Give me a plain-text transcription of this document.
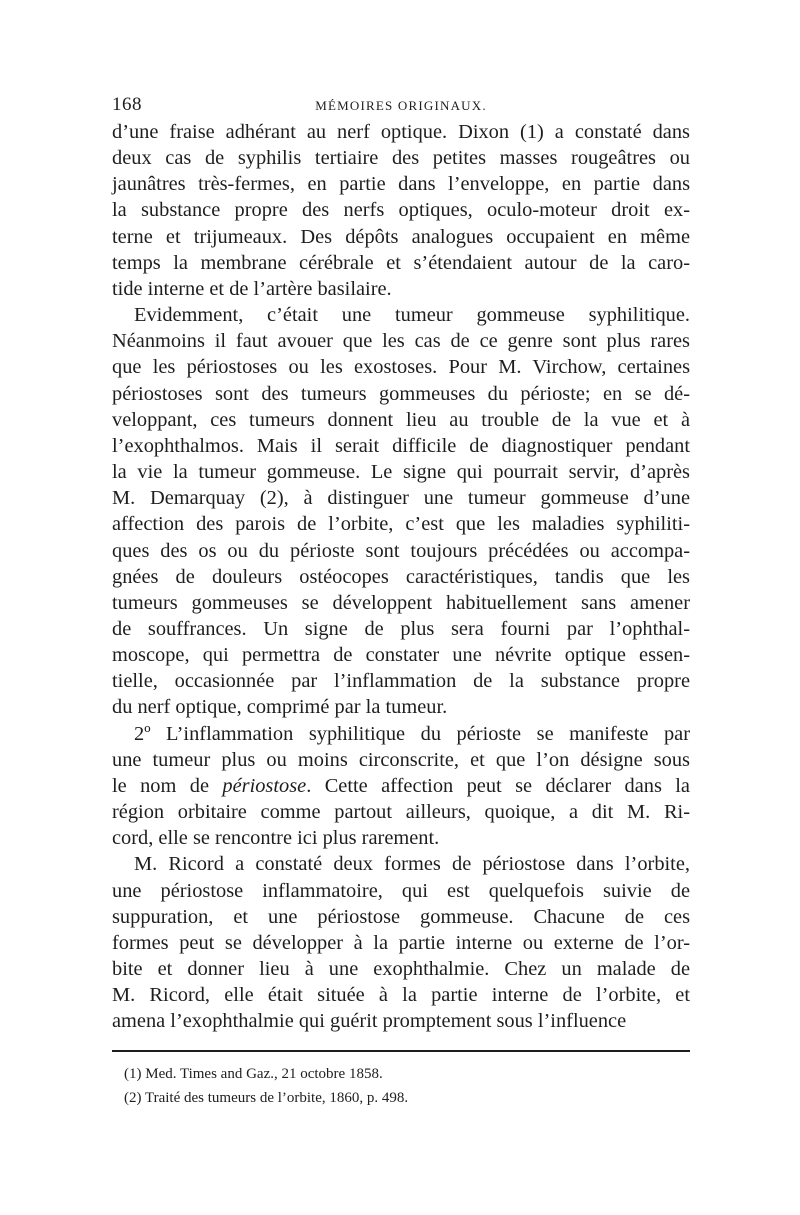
168	MÉMOIRES ORIGINAUX.

d’une fraise adhérant au nerf optique. Dixon (1) a constaté dans
deux cas de syphilis tertiaire des petites masses rougeâtres ou
jaunâtres très-fermes, en partie dans l’enveloppe, en partie dans
la substance propre des nerfs optiques, oculo-moteur droit ex-
terne et trijumeaux. Des dépôts analogues occupaient en même
temps la membrane cérébrale et s’étendaient autour de la caro-
tide interne et de l’artère basilaire.

Evidemment, c’était une tumeur gommeuse syphilitique.
Néanmoins il faut avouer que les cas de ce genre sont plus rares
que les périostoses ou les exostoses. Pour M. Virchow, certaines
périostoses sont des tumeurs gommeuses du périoste; en se dé-
veloppant, ces tumeurs donnent lieu au trouble de la vue et à
l’exophthalmos. Mais il serait difficile de diagnostiquer pendant
la vie la tumeur gommeuse. Le signe qui pourrait servir, d’après
M. Demarquay (2), à distinguer une tumeur gommeuse d’une
affection des parois de l’orbite, c’est que les maladies syphiliti-
ques des os ou du périoste sont toujours précédées ou accompa-
gnées de douleurs ostéocopes caractéristiques, tandis que les
tumeurs gommeuses se développent habituellement sans amener
de souffrances. Un signe de plus sera fourni par l’ophthal-
moscope, qui permettra de constater une névrite optique essen-
tielle, occasionnée par l’inflammation de la substance propre
du nerf optique, comprimé par la tumeur.

2º L’inflammation syphilitique du périoste se manifeste par
une tumeur plus ou moins circonscrite, et que l’on désigne sous
le nom de périostose. Cette affection peut se déclarer dans la
région orbitaire comme partout ailleurs, quoique, a dit M. Ri-
cord, elle se rencontre ici plus rarement.

M. Ricord a constaté deux formes de périostose dans l’orbite,
une périostose inflammatoire, qui est quelquefois suivie de
suppuration, et une périostose gommeuse. Chacune de ces
formes peut se développer à la partie interne ou externe de l’or-
bite et donner lieu à une exophthalmie. Chez un malade de
M. Ricord, elle était située à la partie interne de l’orbite, et
amena l’exophthalmie qui guérit promptement sous l’influence

(1) Med. Times and Gaz., 21 octobre 1858.
(2) Traité des tumeurs de l’orbite, 1860, p. 498.
